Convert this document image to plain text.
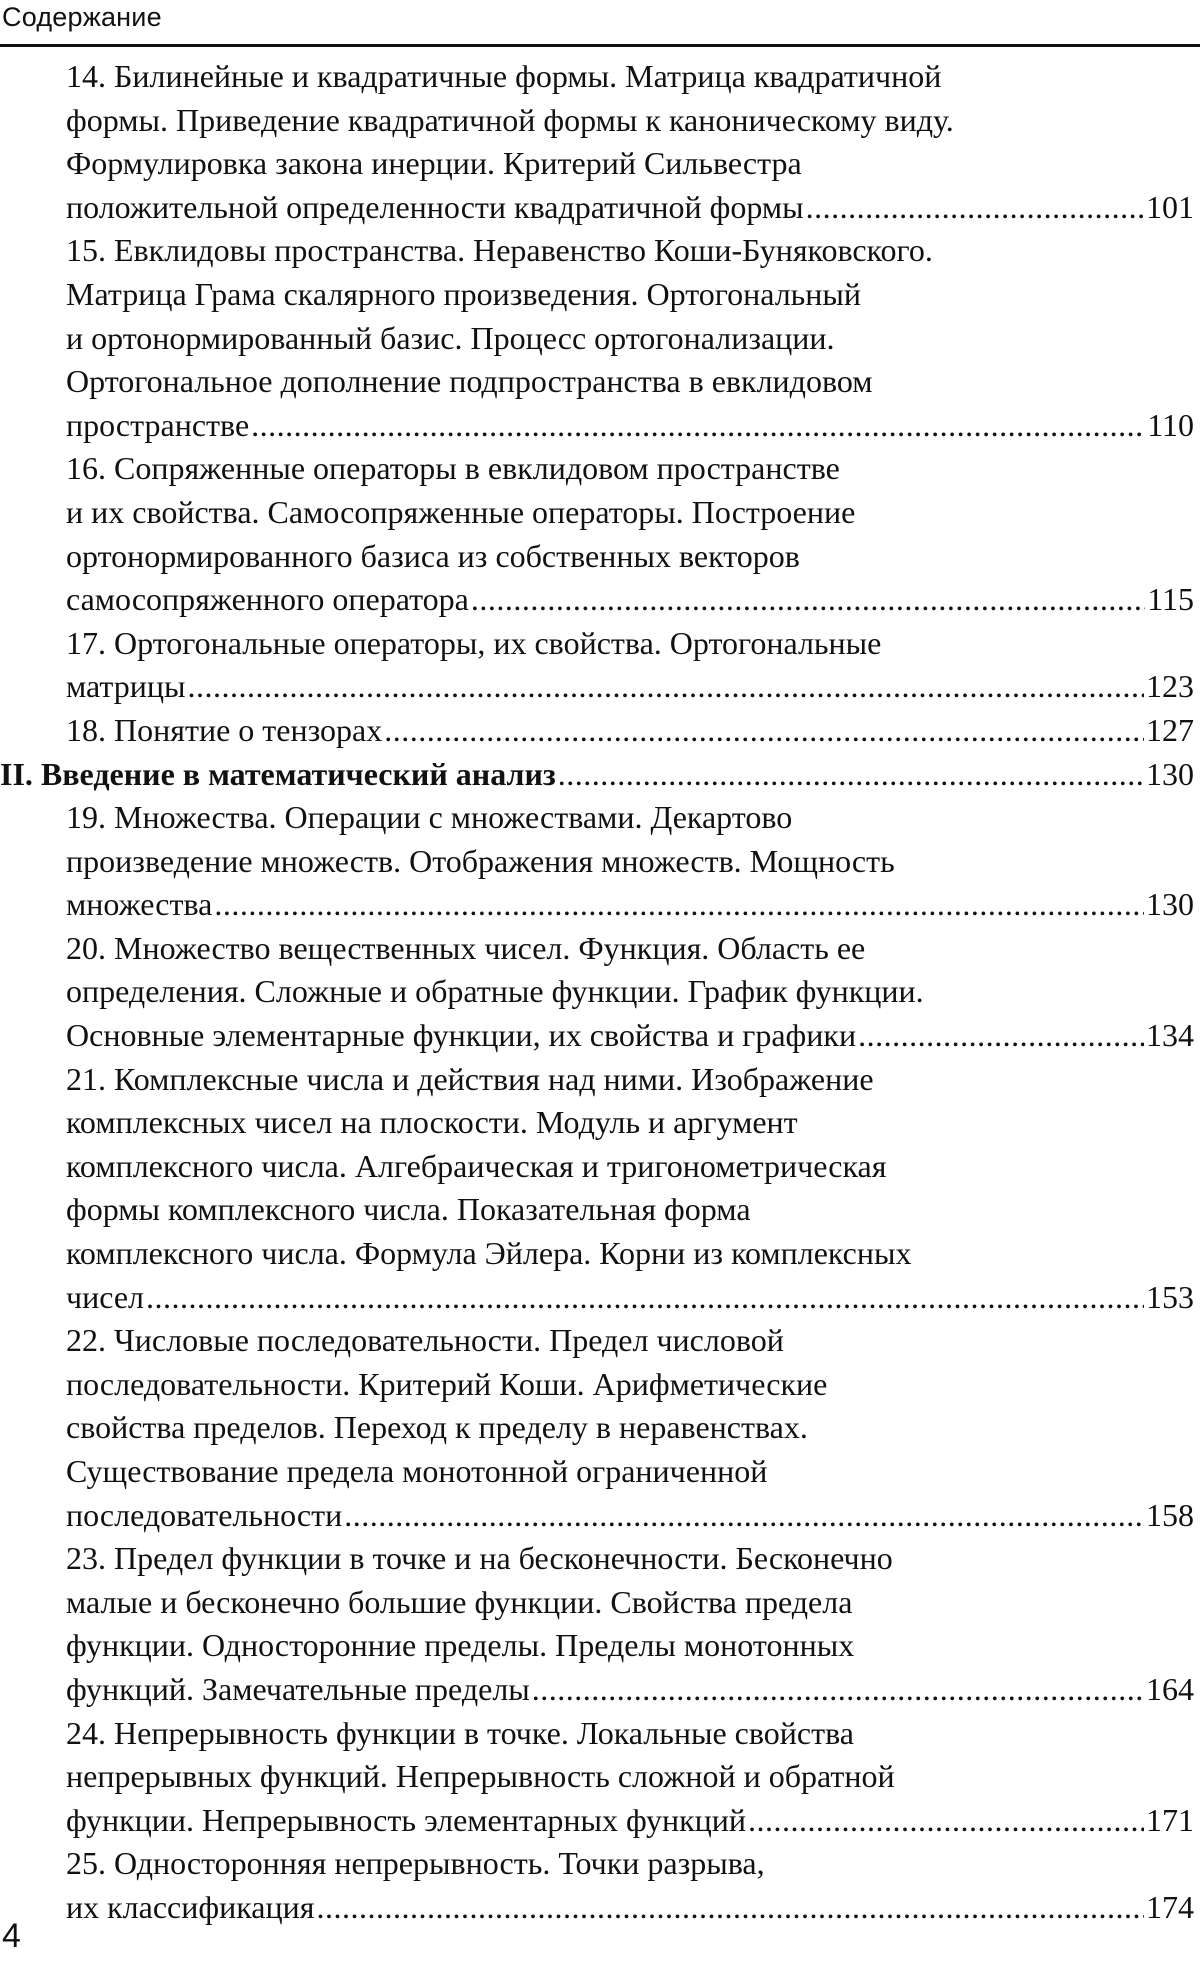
Содержание
14. Билинейные и квадратичные формы. Матрица квадратичной
формы. Приведение квадратичной формы к каноническому виду.
Формулировка закона инерции. Критерий Сильвестра
положительной определенности квадратичной формы .....	101
15. Евклидовы пространства. Неравенство Коши-Буняковского.
Матрица Грама скалярного произведения. Ортогональный
и ортонормированный базис. Процесс ортогонализации.
Ортогональное дополнение подпространства в евклидовом
пространстве .....	110
16. Сопряженные операторы в евклидовом пространстве
и их свойства. Самосопряженные операторы. Построение
ортонормированного базиса из собственных векторов
самосопряженного оператора .....	115
17. Ортогональные операторы, их свойства. Ортогональные
матрицы .....	123
18. Понятие о тензорах .....	127
II. Введение в математический анализ .....	130
19. Множества. Операции с множествами. Декартово
произведение множеств. Отображения множеств. Мощность
множества .....	130
20. Множество вещественных чисел. Функция. Область ее
определения. Сложные и обратные функции. График функции.
Основные элементарные функции, их свойства и графики .....	134
21. Комплексные числа и действия над ними. Изображение
комплексных чисел на плоскости. Модуль и аргумент
комплексного числа. Алгебраическая и тригонометрическая
формы комплексного числа. Показательная форма
комплексного числа. Формула Эйлера. Корни из комплексных
чисел .....	153
22. Числовые последовательности. Предел числовой
последовательности. Критерий Коши. Арифметические
свойства пределов. Переход к пределу в неравенствах.
Существование предела монотонной ограниченной
последовательности .....	158
23. Предел функции в точке и на бесконечности. Бесконечно
малые и бесконечно большие функции. Свойства предела
функции. Односторонние пределы. Пределы монотонных
функций. Замечательные пределы .....	164
24. Непрерывность функции в точке. Локальные свойства
непрерывных функций. Непрерывность сложной и обратной
функции. Непрерывность элементарных функций .....	171
25. Односторонняя непрерывность. Точки разрыва,
их классификация .....	174
4
